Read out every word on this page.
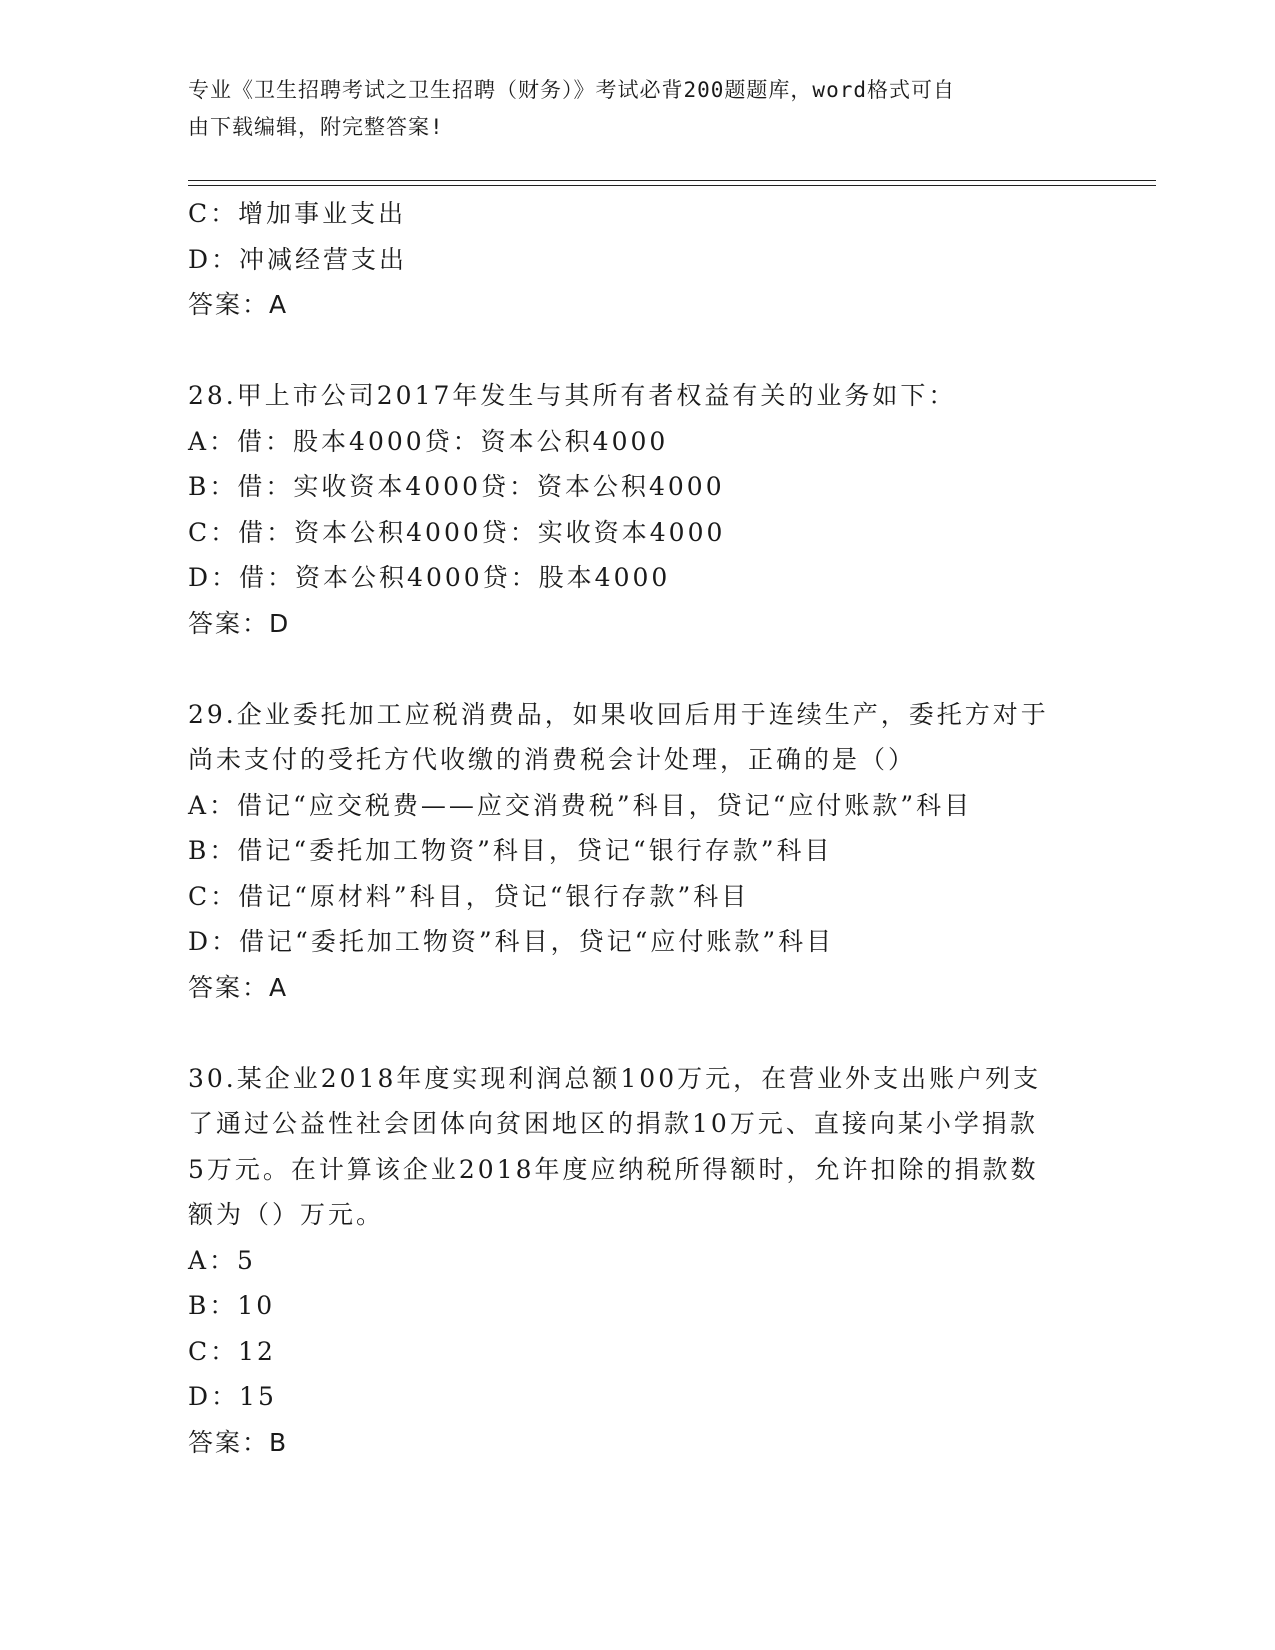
专业《卫生招聘考试之卫生招聘（财务）》考试必背200题题库，word格式可自
由下载编辑，附完整答案!
C：增加事业支出
D：冲减经营支出
答案：A
28.甲上市公司2017年发生与其所有者权益有关的业务如下：
A：借：股本4000贷：资本公积4000
B：借：实收资本4000贷：资本公积4000
C：借：资本公积4000贷：实收资本4000
D：借：资本公积4000贷：股本4000
答案：D
29.企业委托加工应税消费品，如果收回后用于连续生产，委托方对于
尚未支付的受托方代收缴的消费税会计处理，正确的是（）
A：借记“应交税费——应交消费税”科目，贷记“应付账款”科目
B：借记“委托加工物资”科目，贷记“银行存款”科目
C：借记“原材料”科目，贷记“银行存款”科目
D：借记“委托加工物资”科目，贷记“应付账款”科目
答案：A
30.某企业2018年度实现利润总额100万元，在营业外支出账户列支
了通过公益性社会团体向贫困地区的捐款10万元、直接向某小学捐款
5万元。在计算该企业2018年度应纳税所得额时，允许扣除的捐款数
额为（）万元。
A：5
B：10
C：12
D：15
答案：B
